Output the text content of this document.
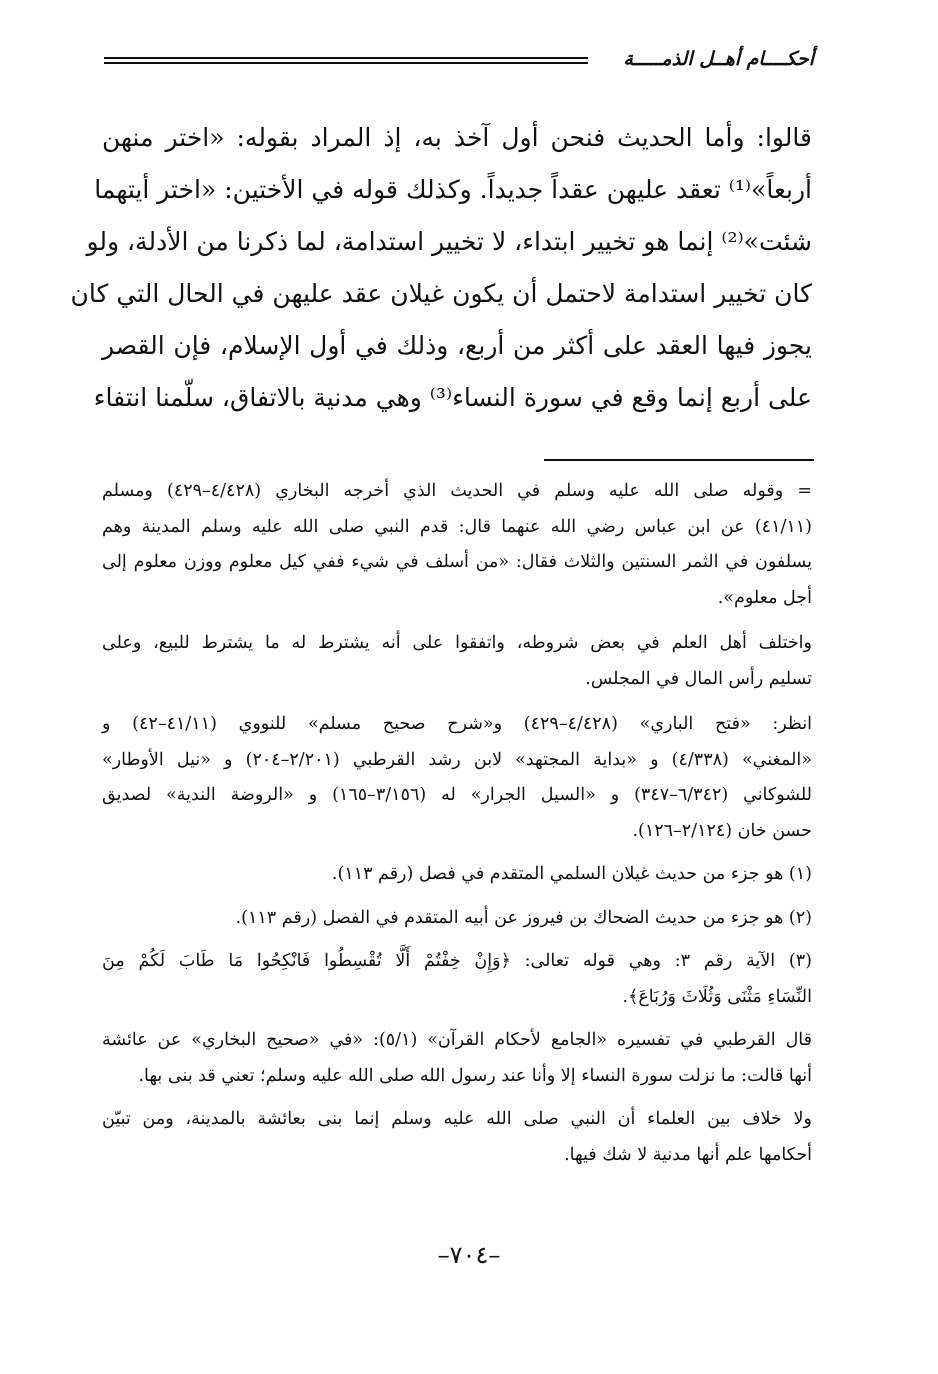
أحكــــام أهــل الذمـــــة

قالوا: وأما الحديث فنحن أول آخذ به، إذ المراد بقوله: «اختر منهن

أربعاً»⁽¹⁾ تعقد عليهن عقداً جديداً. وكذلك قوله في الأختين: «اختر أيتهما

شئت»⁽²⁾ إنما هو تخيير ابتداء، لا تخيير استدامة، لما ذكرنا من الأدلة، ولو

كان تخيير استدامة لاحتمل أن يكون غيلان عقد عليهن في الحال التي كان

يجوز فيها العقد على أكثر من أربع، وذلك في أول الإسلام، فإن القصر

على أربع إنما وقع في سورة النساء⁽³⁾ وهي مدنية بالاتفاق، سلّمنا انتفاء

= وقوله صلى الله عليه وسلم في الحديث الذي أخرجه البخاري (٤/٤٢٨–٤٢٩) ومسلم
(٤١/١١) عن ابن عباس رضي الله عنهما قال: قدم النبي صلى الله عليه وسلم المدينة وهم
يسلفون في الثمر السنتين والثلاث فقال: «من أسلف في شيء ففي كيل معلوم ووزن معلوم إلى
أجل معلوم».
واختلف أهل العلم في بعض شروطه، واتفقوا على أنه يشترط له ما يشترط للبيع، وعلى
تسليم رأس المال في المجلس.
انظر: «فتح الباري» (٤/٤٢٨–٤٢٩) و«شرح صحيح مسلم» للنووي (٤١/١١–٤٢) و
«المغني» (٤/٣٣٨) و «بداية المجتهد» لابن رشد القرطبي (٢/٢٠١–٢٠٤) و «نيل الأوطار»
للشوكاني (٦/٣٤٢–٣٤٧) و «السيل الجرار» له (٣/١٥٦–١٦٥) و «الروضة الندية» لصديق
حسن خان (٢/١٢٤–١٢٦).
(١) هو جزء من حديث غيلان السلمي المتقدم في فصل (رقم ١١٣).
(٢) هو جزء من حديث الضحاك بن فيروز عن أبيه المتقدم في الفصل (رقم ١١٣).
(٣) الآية رقم ٣: وهي قوله تعالى: ﴿وَإِنْ خِفْتُمْ أَلَّا تُقْسِطُوا فَانْكِحُوا مَا طَابَ لَكُمْ مِنَ
النِّسَاءِ مَثْنَى وَثُلَاثَ وَرُبَاعَ﴾.
قال القرطبي في تفسيره «الجامع لأحكام القرآن» (٥/١): «في «صحيح البخاري» عن عائشة
أنها قالت: ما نزلت سورة النساء إلا وأنا عند رسول الله صلى الله عليه وسلم؛ تعني قد بنى بها.
ولا خلاف بين العلماء أن النبي صلى الله عليه وسلم إنما بنى بعائشة بالمدينة، ومن تبيّن
أحكامها علم أنها مدنية لا شك فيها.
–٧٠٤–
